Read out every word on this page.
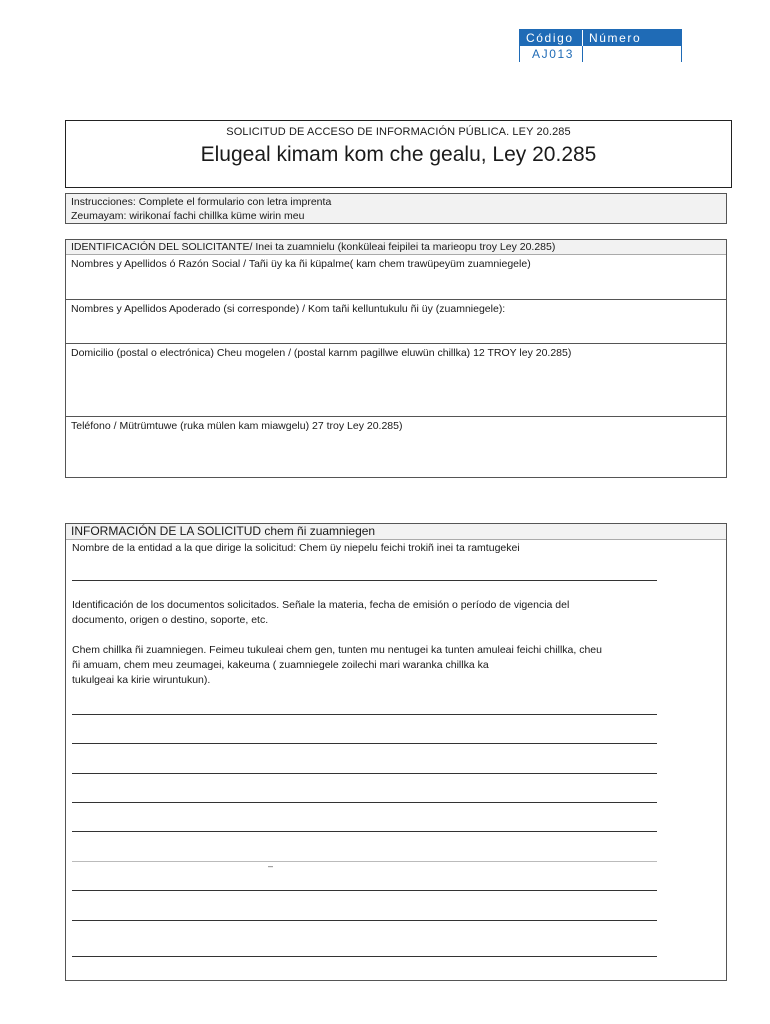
Código	Número
AJ013
SOLICITUD DE ACCESO DE INFORMACIÓN PÚBLICA. LEY 20.285
Elugeal kimam kom che gealu, Ley 20.285
Instrucciones: Complete el formulario con letra imprenta
Zeumayam: wirikonaí fachi chillka küme wirin meu
IDENTIFICACIÓN DEL SOLICITANTE/ Inei ta zuamnielu (konküleai feipilei ta marieopu troy Ley 20.285)
Nombres y Apellidos ó Razón Social / Tañi üy ka ñi küpalme( kam chem trawüpeyüm zuamniegele)
Nombres y Apellidos Apoderado (si corresponde) / Kom tañi kelluntukulu ñi üy (zuamniegele):
Domicilio (postal o electrónica) Cheu mogelen / (postal karnm pagillwe eluwün chillka) 12 TROY ley 20.285)
Teléfono / Mütrümtuwe (ruka mülen kam miawgelu) 27 troy Ley 20.285)
INFORMACIÓN DE LA SOLICITUD chem ñi zuamniegen
Nombre de la entidad a la que dirige la solicitud: Chem üy niepelu feichi trokiñ inei ta ramtugekei
Identificación de los documentos solicitados. Señale la materia, fecha de emisión o período de vigencia del
documento, origen o destino, soporte, etc.
Chem chillka ñi zuamniegen. Feimeu tukuleai chem gen, tunten mu nentugei ka tunten amuleai feichi chillka, cheu
ñi amuam, chem meu zeumagei, kakeuma ( zuamniegele zoilechi mari waranka chillka ka
tukulgeai ka kirie wiruntukun).
–
